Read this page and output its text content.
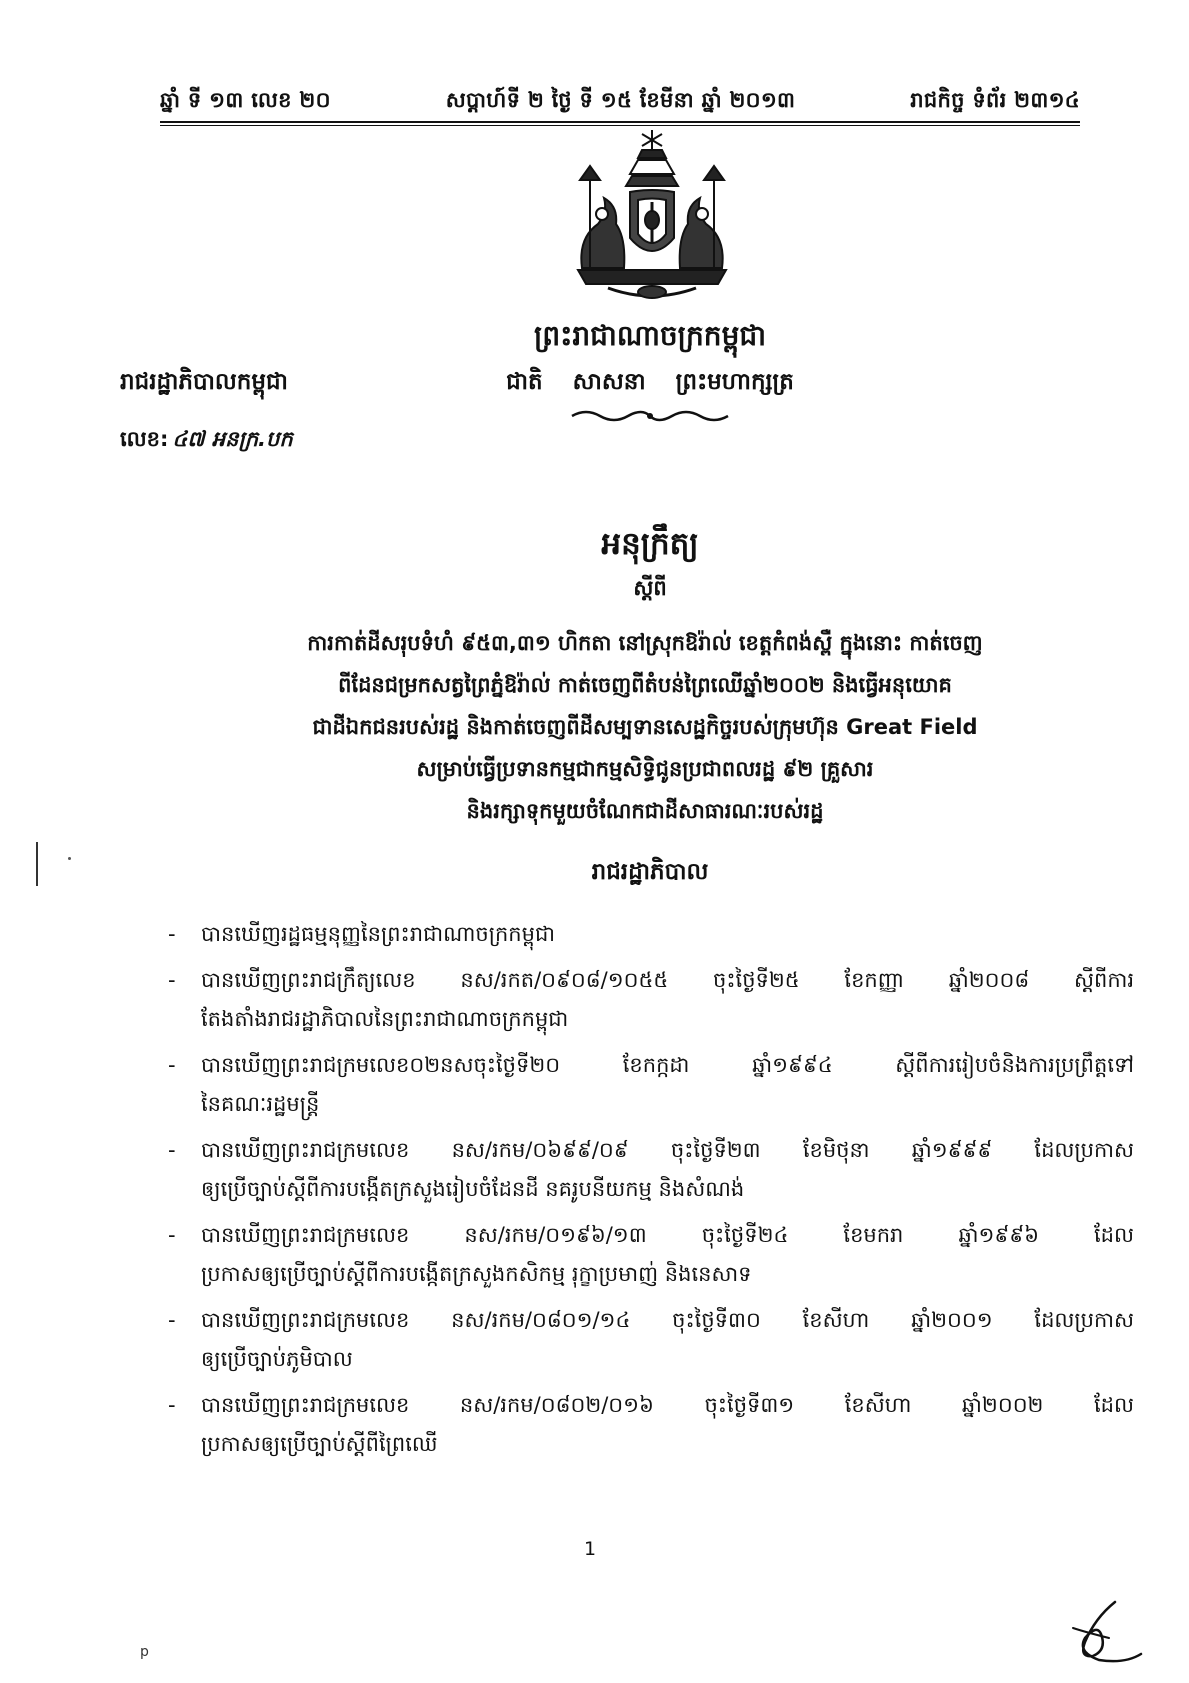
ឆ្នាំ ទី ១៣ លេខ ២០	សប្តាហ៍ទី ២ ថ្ងៃ ទី ១៥ ខែមីនា ឆ្នាំ ២០១៣	រាជកិច្ច ទំព័រ ២៣១៤
ព្រះរាជាណាចក្រកម្ពុជា
ជាតិ សាសនា ព្រះមហាក្សត្រ
រាជរដ្ឋាភិបាលកម្ពុជា
លេខ: ៤៧ អនក្រ.បក
អនុក្រឹត្យ
ស្តីពី
ការកាត់ដីសរុបទំហំ ៩៥៣,៣១ ហិកតា នៅស្រុកឱរ៉ាល់ ខេត្តកំពង់ស្ពឺ ក្នុងនោះ កាត់ចេញ
ពីដែនជម្រកសត្វព្រៃភ្នំឱរ៉ាល់ កាត់ចេញពីតំបន់ព្រៃឈើឆ្នាំ២០០២ និងធ្វើអនុយោគ
ជាដីឯកជនរបស់រដ្ឋ និងកាត់ចេញពីដីសម្បទានសេដ្ឋកិច្ចរបស់ក្រុមហ៊ុន Great Field
សម្រាប់ធ្វើប្រទានកម្មជាកម្មសិទ្ធិជូនប្រជាពលរដ្ឋ ៩២ គ្រួសារ
និងរក្សាទុកមួយចំណែកជាដីសាធារណៈរបស់រដ្ឋ
រាជរដ្ឋាភិបាល
- បានឃើញរដ្ឋធម្មនុញ្ញនៃព្រះរាជាណាចក្រកម្ពុជា
- បានឃើញព្រះរាជក្រឹត្យលេខ នស/រកត/០៩០៨/១០៥៥ ចុះថ្ងៃទី២៥ ខែកញ្ញា ឆ្នាំ២០០៨ ស្តីពីការ
តែងតាំងរាជរដ្ឋាភិបាលនៃព្រះរាជាណាចក្រកម្ពុជា
- បានឃើញព្រះរាជក្រមលេខ០២នសចុះថ្ងៃទី២០ ខែកក្កដា ឆ្នាំ១៩៩៤ ស្តីពីការរៀបចំនិងការប្រព្រឹត្តទៅ
នៃគណៈរដ្ឋមន្ត្រី
- បានឃើញព្រះរាជក្រមលេខ នស/រកម/០៦៩៩/០៩ ចុះថ្ងៃទី២៣ ខែមិថុនា ឆ្នាំ១៩៩៩ ដែលប្រកាស
ឲ្យប្រើច្បាប់ស្តីពីការបង្កើតក្រសួងរៀបចំដែនដី នគរូបនីយកម្ម និងសំណង់
- បានឃើញព្រះរាជក្រមលេខ នស/រកម/០១៩៦/១៣ ចុះថ្ងៃទី២៤ ខែមករា ឆ្នាំ១៩៩៦ ដែល
ប្រកាសឲ្យប្រើច្បាប់ស្តីពីការបង្កើតក្រសួងកសិកម្ម រុក្ខាប្រមាញ់ និងនេសាទ
- បានឃើញព្រះរាជក្រមលេខ នស/រកម/០៨០១/១៤ ចុះថ្ងៃទី៣០ ខែសីហា ឆ្នាំ២០០១ ដែលប្រកាស
ឲ្យប្រើច្បាប់ភូមិបាល
- បានឃើញព្រះរាជក្រមលេខ នស/រកម/០៨០២/០១៦ ចុះថ្ងៃទី៣១ ខែសីហា ឆ្នាំ២០០២ ដែល
ប្រកាសឲ្យប្រើច្បាប់ស្តីពីព្រៃឈើ
1
p
